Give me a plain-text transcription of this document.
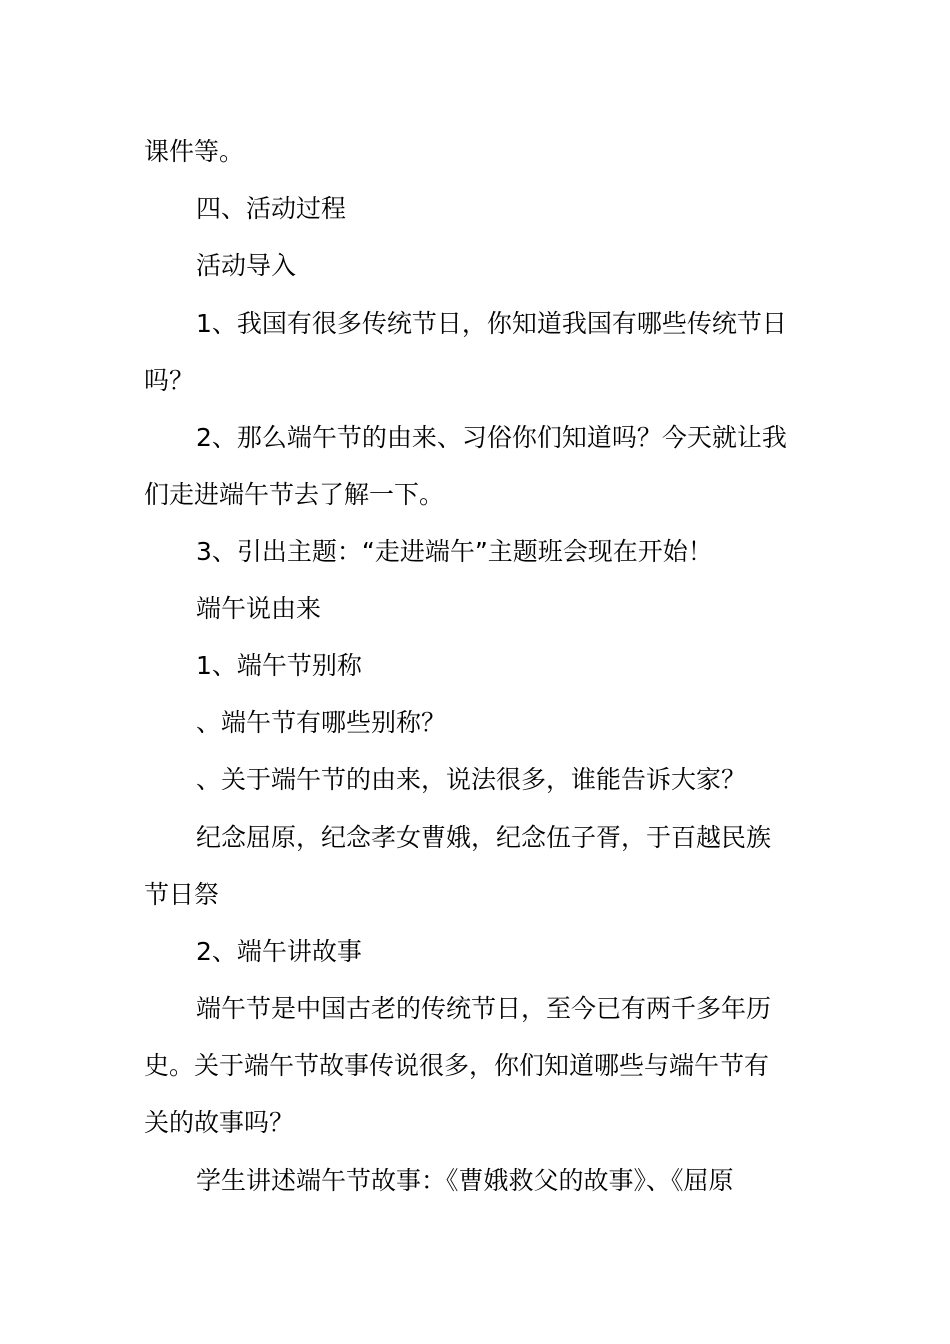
课件等。
四、活动过程
活动导入
1、我国有很多传统节日，你知道我国有哪些传统节日
吗？
2、那么端午节的由来、习俗你们知道吗？今天就让我
们走进端午节去了解一下。
3、引出主题：“走进端午”主题班会现在开始！
端午说由来
1、端午节别称
、端午节有哪些别称？
、关于端午节的由来，说法很多，谁能告诉大家？
纪念屈原，纪念孝女曹娥，纪念伍子胥，于百越民族
节日祭
2、端午讲故事
端午节是中国古老的传统节日，至今已有两千多年历
史。关于端午节故事传说很多，你们知道哪些与端午节有
关的故事吗？
学生讲述端午节故事：《曹娥救父的故事》、《屈原
